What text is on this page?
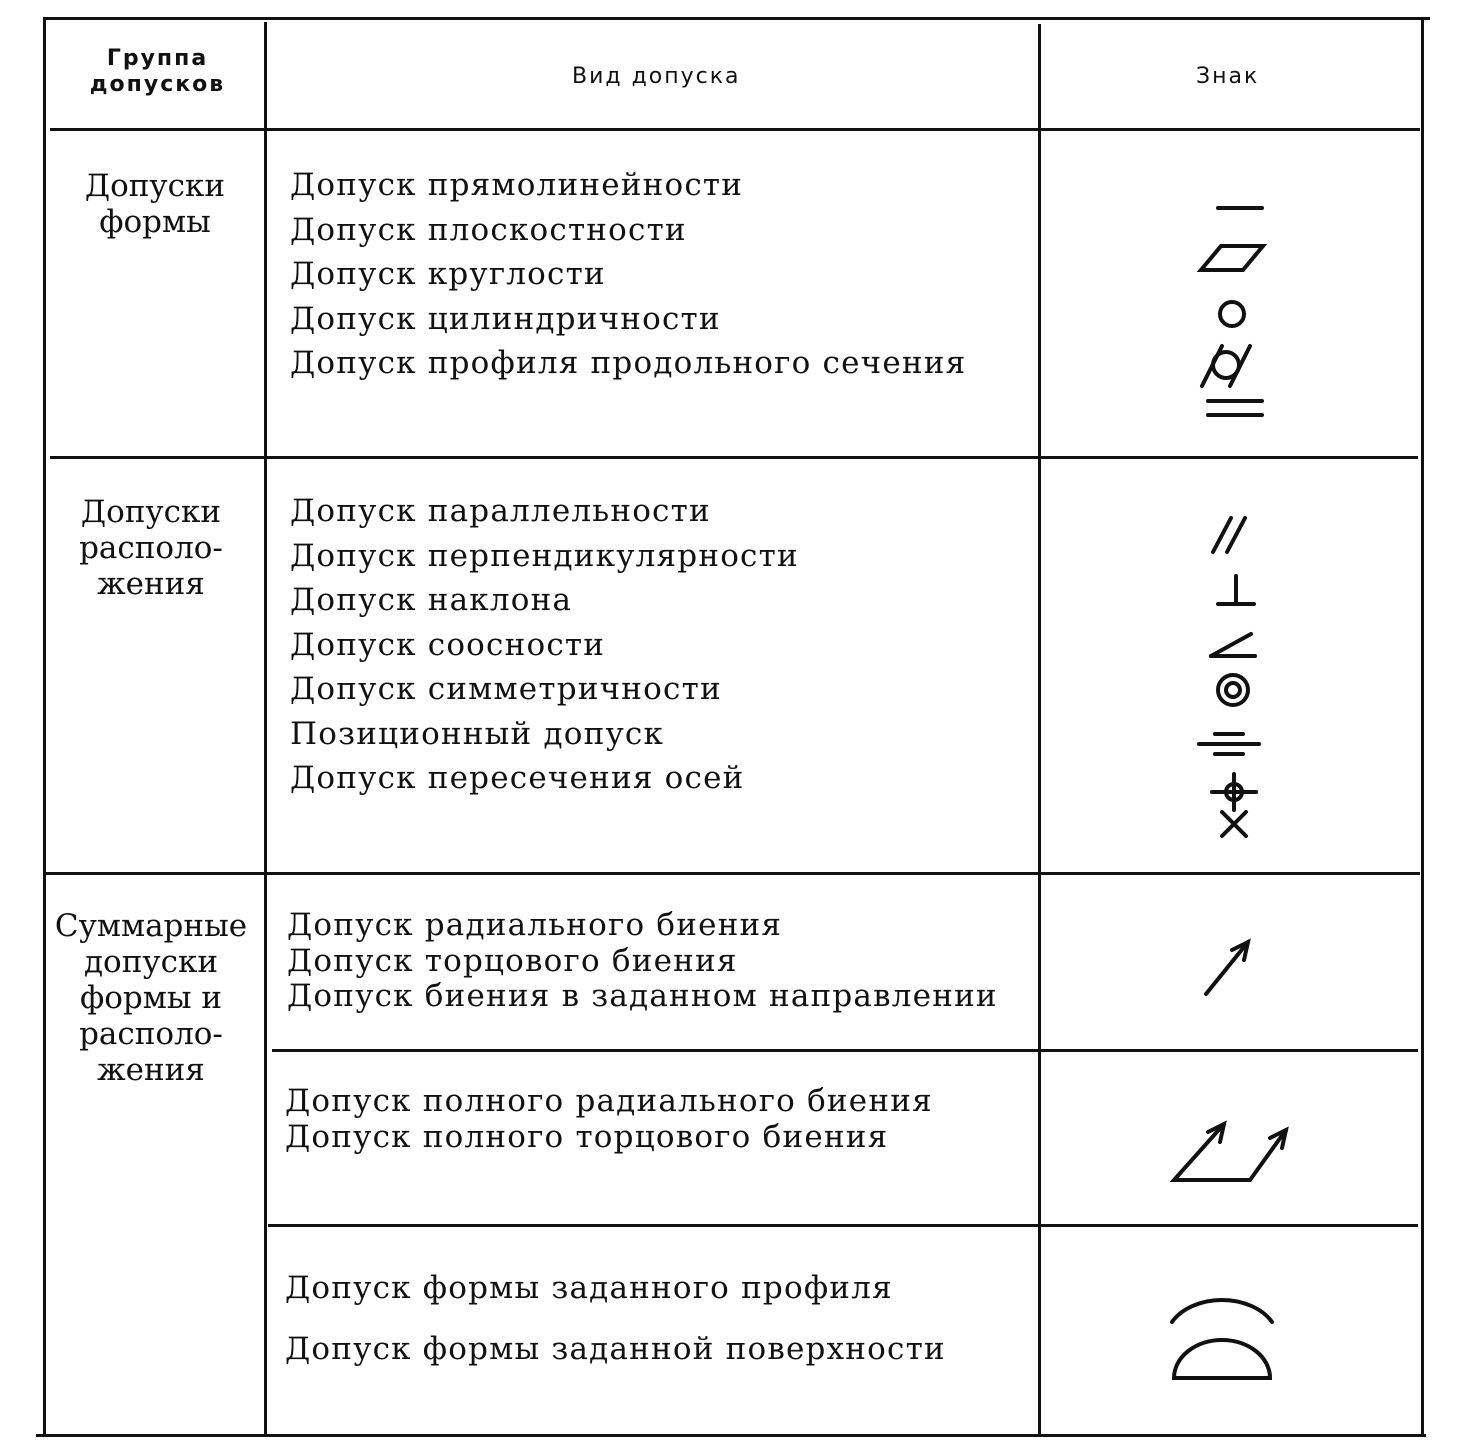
Группа
допусков	Вид допуска	Знак
Допуски
формы
Допуск прямолинейности
Допуск плоскостности
Допуск круглости
Допуск цилиндричности
Допуск профиля продольного сечения
Допуски
располо-
жения
Допуск параллельности
Допуск перпендикулярности
Допуск наклона
Допуск соосности
Допуск симметричности
Позиционный допуск
Допуск пересечения осей
Суммарные
допуски
формы и
располо-
жения
Допуск радиального биения
Допуск торцового биения
Допуск биения в заданном направлении
Допуск полного радиального биения
Допуск полного торцового биения
Допуск формы заданного профиля
Допуск формы заданной поверхности
